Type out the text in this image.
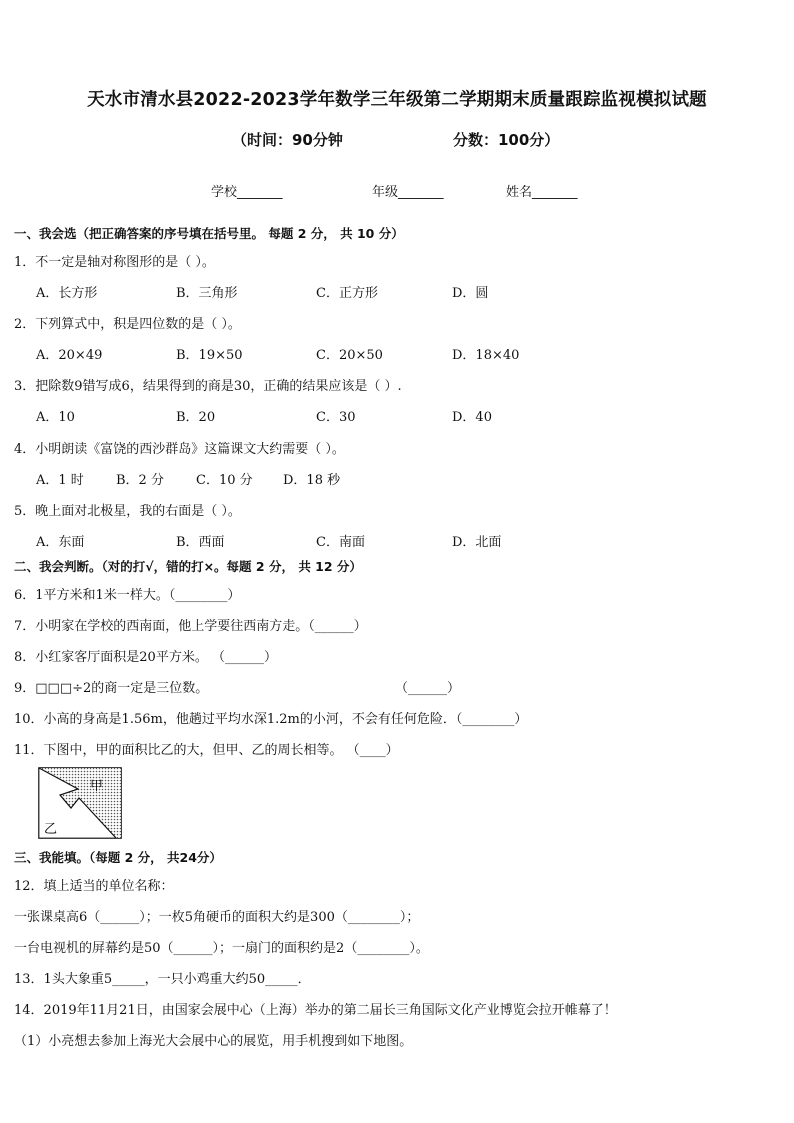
天水市清水县2022-2023学年数学三年级第二学期期末质量跟踪监视模拟试题
（时间：90分钟	分数：100分）
学校_______	年级_______	姓名_______
一、我会选（把正确答案的序号填在括号里。 每题 2 分， 共 10 分）
1．不一定是轴对称图形的是（ ）。
A．长方形	B．三角形	C．正方形	D．圆
2．下列算式中，积是四位数的是（ ）。
A．20×49	B．19×50	C．20×50	D．18×40
3．把除数9错写成6，结果得到的商是30，正确的结果应该是（ ）.
A．10	B．20	C．30	D．40
4．小明朗读《富饶的西沙群岛》这篇课文大约需要（ ）。
A．1 时 B．2 分 C．10 分 D．18 秒
5．晚上面对北极星，我的右面是（ ）。
A．东面	B．西面	C．南面	D．北面
二、我会判断。（对的打√，错的打×。每题 2 分， 共 12 分）
6．1平方米和1米一样大。（________）
7．小明家在学校的西南面，他上学要往西南方走。（______）
8．小红家客厅面积是20平方米。 （______）
9．□□□÷2的商一定是三位数。	（______）
10．小高的身高是1.56m，他趟过平均水深1.2m的小河，不会有任何危险．（________）
11．下图中，甲的面积比乙的大，但甲、乙的周长相等。 （____）
甲
乙
三、我能填。（每题 2 分， 共24分）
12．填上适当的单位名称：
一张课桌高6（______）；一枚5角硬币的面积大约是300（________）；
一台电视机的屏幕约是50（______）；一扇门的面积约是2（________）。
13．1头大象重5_____，一只小鸡重大约50_____．
14．2019年11月21日，由国家会展中心（上海）举办的第二届长三角国际文化产业博览会拉开帷幕了！
（1）小亮想去参加上海光大会展中心的展览，用手机搜到如下地图。
